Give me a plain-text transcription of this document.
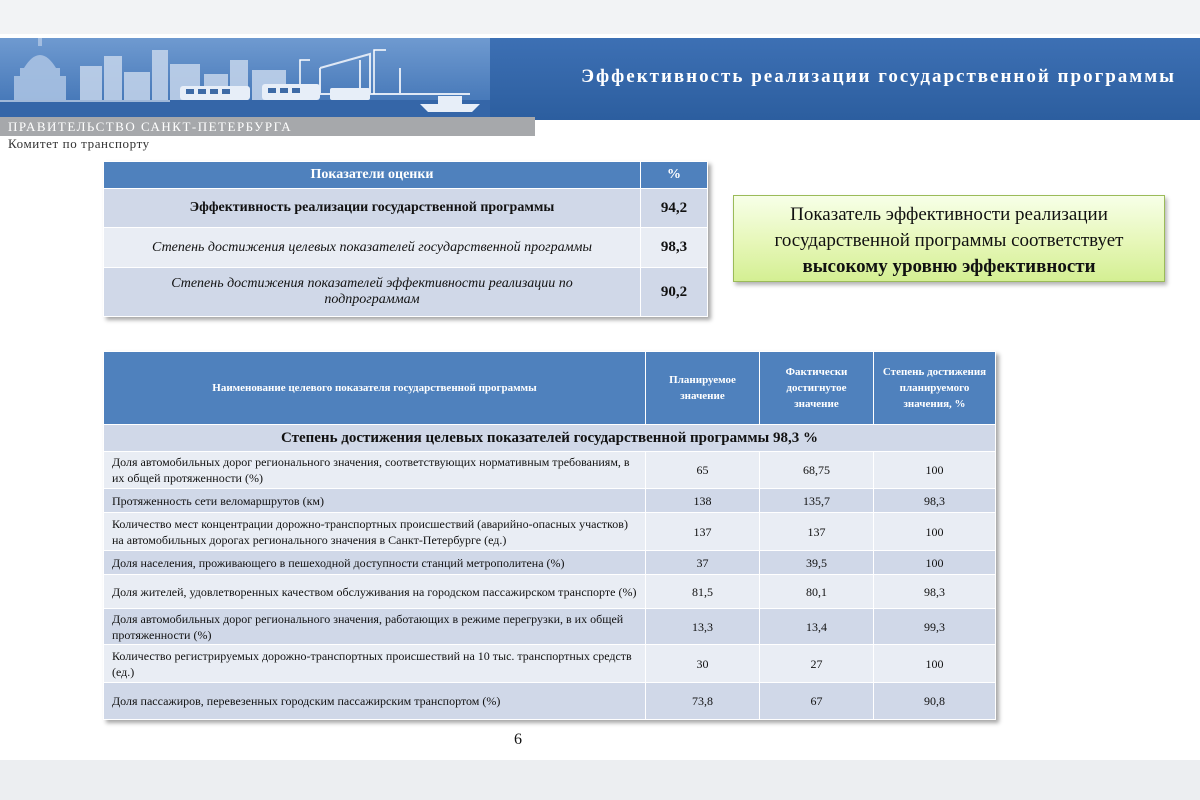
Эффективность реализации государственной программы
ПРАВИТЕЛЬСТВО САНКТ-ПЕТЕРБУРГА
Комитет по транспорту
Показатели оценки	%
Эффективность реализации государственной программы	94,2
Степень достижения целевых показателей государственной программы	98,3
Степень достижения показателей эффективности реализации по подпрограммам	90,2
Показатель эффективности реализации государственной программы соответствует
высокому уровню эффективности
Наименование целевого показателя государственной программы	Планируемое значение	Фактически достигнутое значение	Степень достижения планируемого значения, %
Степень достижения целевых показателей государственной программы 98,3 %			
Доля автомобильных дорог регионального значения, соответствующих нормативным требованиям, в их общей протяженности (%)	65	68,75	100
Протяженность сети веломаршрутов (км)	138	135,7	98,3
Количество мест концентрации дорожно-транспортных происшествий (аварийно-опасных участков) на автомобильных дорогах регионального значения в Санкт-Петербурге (ед.)	137	137	100
Доля населения, проживающего в пешеходной доступности станций метрополитена (%)	37	39,5	100
Доля жителей, удовлетворенных качеством обслуживания на городском пассажирском транспорте (%)	81,5	80,1	98,3
Доля автомобильных дорог регионального значения, работающих в режиме перегрузки, в их общей протяженности (%)	13,3	13,4	99,3
Количество регистрируемых дорожно-транспортных происшествий на 10 тыс. транспортных средств (ед.)	30	27	100
Доля пассажиров, перевезенных городским пассажирским транспортом (%)	73,8	67	90,8
6
